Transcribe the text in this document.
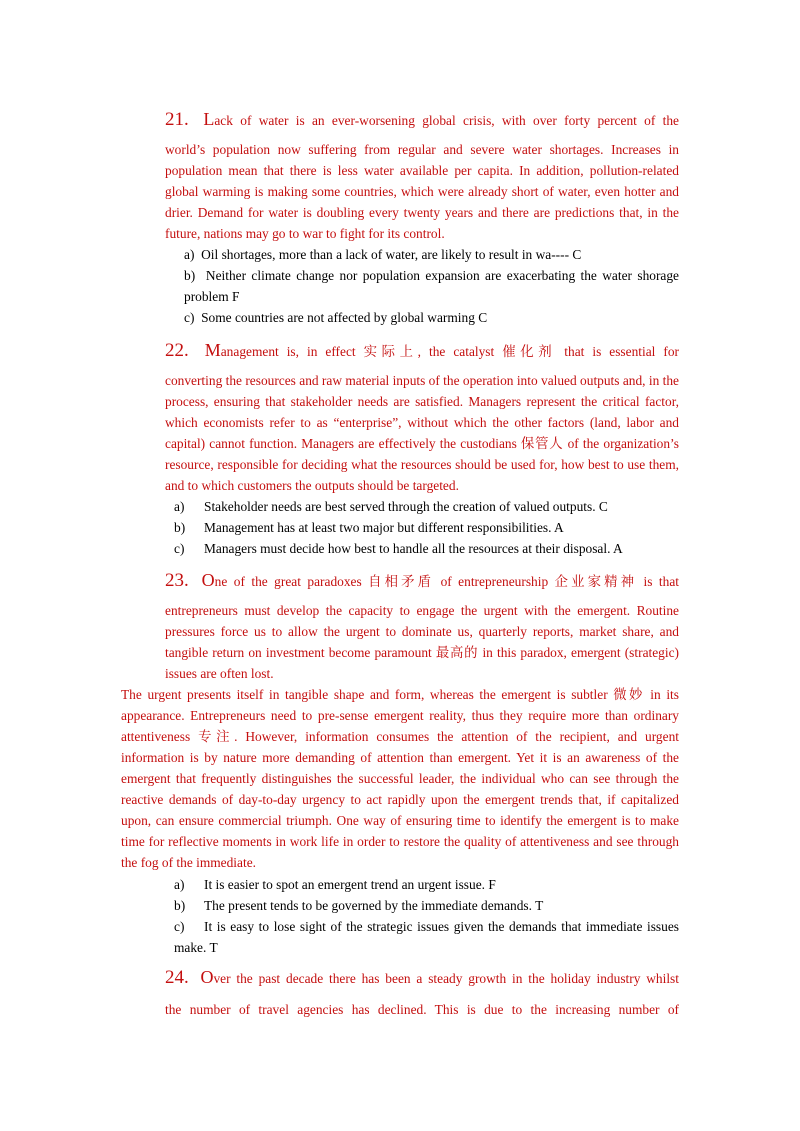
21. Lack of water is an ever-worsening global crisis, with over forty percent of the
world’s population now suffering from regular and severe water shortages. Increases in population mean that there is less water available per capita. In addition, pollution-related global warming is making some countries, which were already short of water, even hotter and drier. Demand for water is doubling every twenty years and there are predictions that, in the future, nations may go to war to fight for its control.
a) Oil shortages, more than a lack of water, are likely to result in wa---- C
b) Neither climate change nor population expansion are exacerbating the water shorage problem F
c) Some countries are not affected by global warming C
22. Management is, in effect 实际上, the catalyst 催化剂 that is essential for
converting the resources and raw material inputs of the operation into valued outputs and, in the process, ensuring that stakeholder needs are satisfied. Managers represent the critical factor, which economists refer to as “enterprise”, without which the other factors (land, labor and capital) cannot function. Managers are effectively the custodians 保管人 of the organization’s resource, responsible for deciding what the resources should be used for, how best to use them, and to which customers the outputs should be targeted.
a) Stakeholder needs are best served through the creation of valued outputs. C
b) Management has at least two major but different responsibilities. A
c) Managers must decide how best to handle all the resources at their disposal. A
23. One of the great paradoxes 自相矛盾 of entrepreneurship 企业家精神 is that
entrepreneurs must develop the capacity to engage the urgent with the emergent. Routine pressures force us to allow the urgent to dominate us, quarterly reports, market share, and tangible return on investment become paramount 最高的 in this paradox, emergent (strategic) issues are often lost.
The urgent presents itself in tangible shape and form, whereas the emergent is subtler 微妙 in its appearance. Entrepreneurs need to pre-sense emergent reality, thus they require more than ordinary attentiveness 专注. However, information consumes the attention of the recipient, and urgent information is by nature more demanding of attention than emergent. Yet it is an awareness of the emergent that frequently distinguishes the successful leader, the individual who can see through the reactive demands of day-to-day urgency to act rapidly upon the emergent trends that, if capitalized upon, can ensure commercial triumph. One way of ensuring time to identify the emergent is to make time for reflective moments in work life in order to restore the quality of attentiveness and see through the fog of the immediate.
a) It is easier to spot an emergent trend an urgent issue. F
b) The present tends to be governed by the immediate demands. T
c) It is easy to lose sight of the strategic issues given the demands that immediate issues make. T
24. Over the past decade there has been a steady growth in the holiday industry whilst
the number of travel agencies has declined. This is due to the increasing number of
